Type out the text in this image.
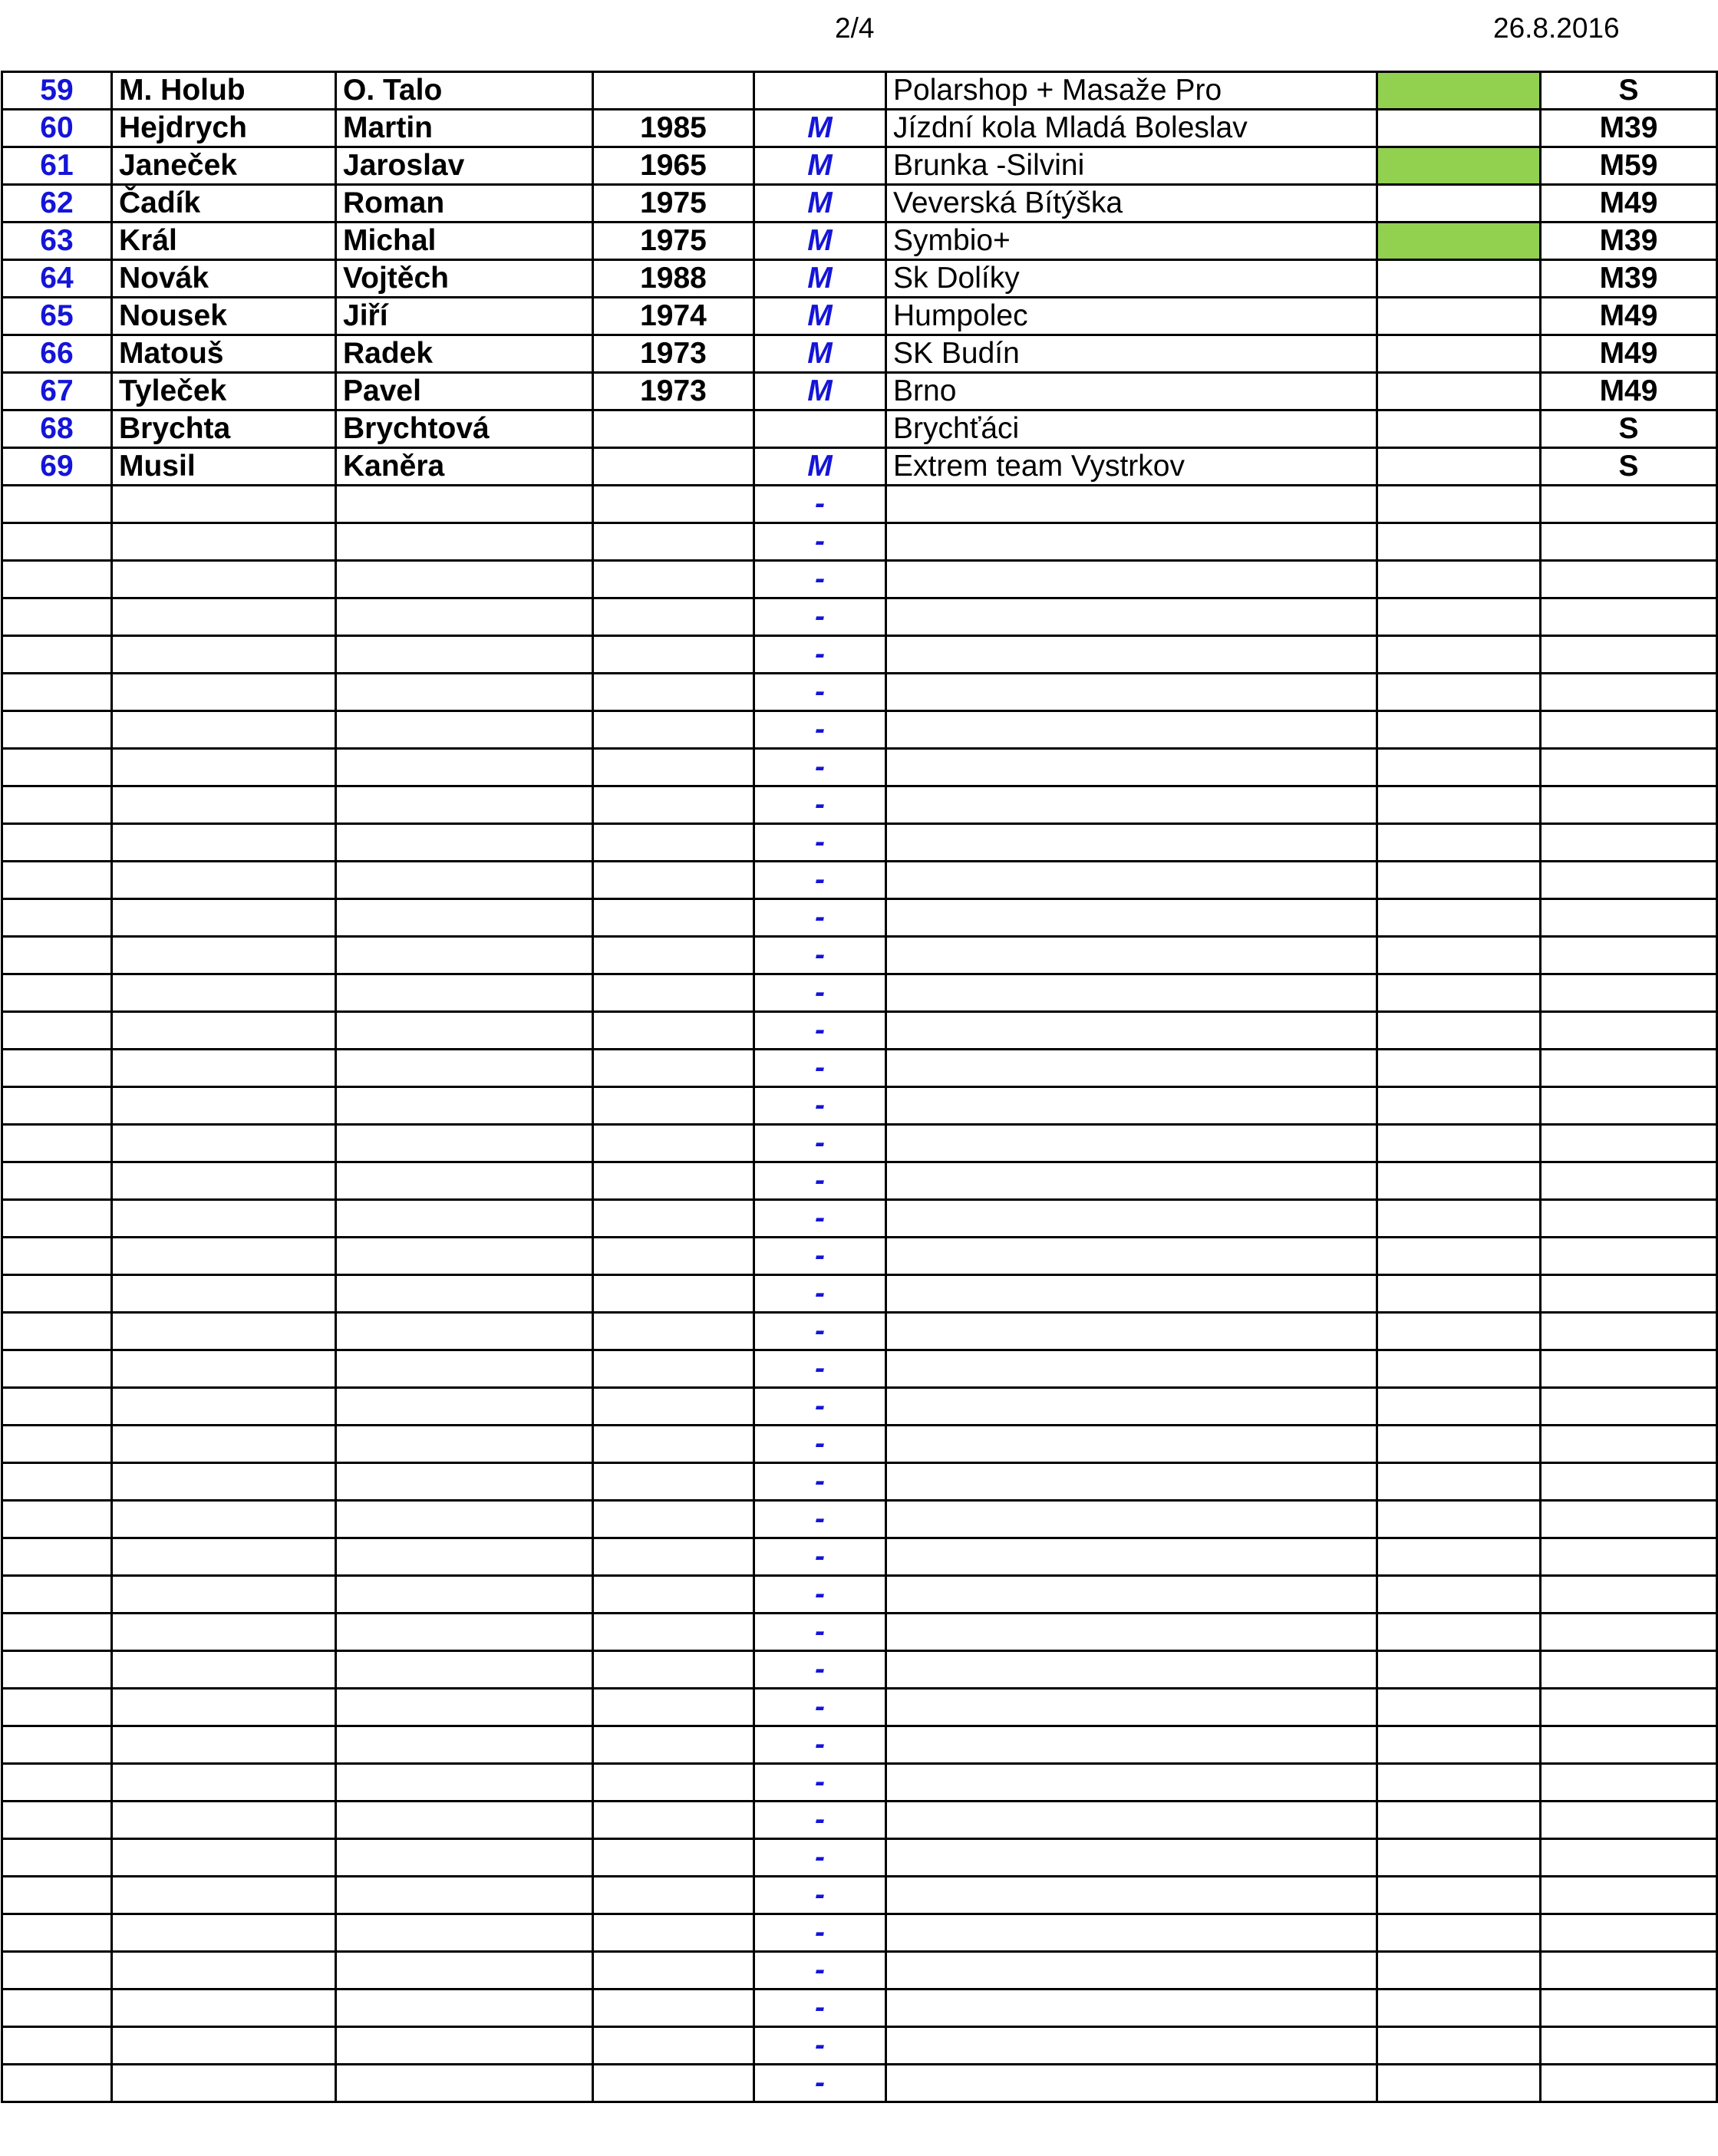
2/4	26.8.2016
59	M. Holub	O. Talo			Polarshop + Masaže Pro		S
60	Hejdrych	Martin	1985	M	Jízdní kola Mladá Boleslav		M39
61	Janeček	Jaroslav	1965	M	Brunka -Silvini		M59
62	Čadík	Roman	1975	M	Veverská Bítýška		M49
63	Král	Michal	1975	M	Symbio+		M39
64	Novák	Vojtěch	1988	M	Sk Dolíky		M39
65	Nousek	Jiří	1974	M	Humpolec		M49
66	Matouš	Radek	1973	M	SK Budín		M49
67	Tyleček	Pavel	1973	M	Brno		M49
68	Brychta	Brychtová			Brychťáci		S
69	Musil	Kaněra		M	Extrem team Vystrkov		S
				-			
				-			
				-			
				-			
				-			
				-			
				-			
				-			
				-			
				-			
				-			
				-			
				-			
				-			
				-			
				-			
				-			
				-			
				-			
				-			
				-			
				-			
				-			
				-			
				-			
				-			
				-			
				-			
				-			
				-			
				-			
				-			
				-			
				-			
				-			
				-			
				-			
				-			
				-			
				-			
				-			
				-			
				-			
